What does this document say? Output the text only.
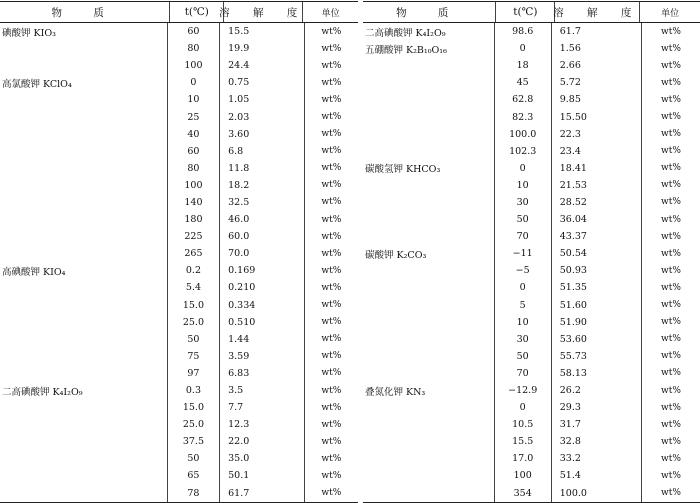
物 质	t(℃) 溶 解 度	单位
碘酸钾 KIO₃	60	15.5	wt%
80	19.9	wt%
100	24.4	wt%
高氯酸钾 KClO₄	0	0.75	wt%
10	1.05	wt%
25	2.03	wt%
40	3.60	wt%
60	6.8	wt%
80	11.8	wt%
100	18.2	wt%
140	32.5	wt%
180	46.0	wt%
225	60.0	wt%
265	70.0	wt%
高碘酸钾 KIO₄	0.2	0.169	wt%
5.4	0.210	wt%
15.0	0.334	wt%
25.0	0.510	wt%
50	1.44	wt%
75	3.59	wt%
97	6.83	wt%
二高碘酸钾 K₄I₂O₉	0.3	3.5	wt%
15.0	7.7	wt%
25.0	12.3	wt%
37.5	22.0	wt%
50	35.0	wt%
65	50.1	wt%
78	61.7	wt%
物 质	t(℃)	溶 解 度	单位
二高碘酸钾 K₄I₂O₉	98.6	61.7	wt%
五硼酸钾 K₂B₁₀O₁₆	0	1.56	wt%
18	2.66	wt%
45	5.72	wt%
62.8	9.85	wt%
82.3	15.50	wt%
100.0	22.3	wt%
102.3	23.4	wt%
碳酸氢钾 KHCO₃	0	18.41	wt%
10	21.53	wt%
30	28.52	wt%
50	36.04	wt%
70	43.37	wt%
碳酸钾 K₂CO₃	−11	50.54	wt%
−5	50.93	wt%
0	51.35	wt%
5	51.60	wt%
10	51.90	wt%
30	53.60	wt%
50	55.73	wt%
70	58.13	wt%
叠氮化钾 KN₃	−12.9	26.2	wt%
0	29.3	wt%
10.5	31.7	wt%
15.5	32.8	wt%
17.0	33.2	wt%
100	51.4	wt%
354	100.0	wt%
